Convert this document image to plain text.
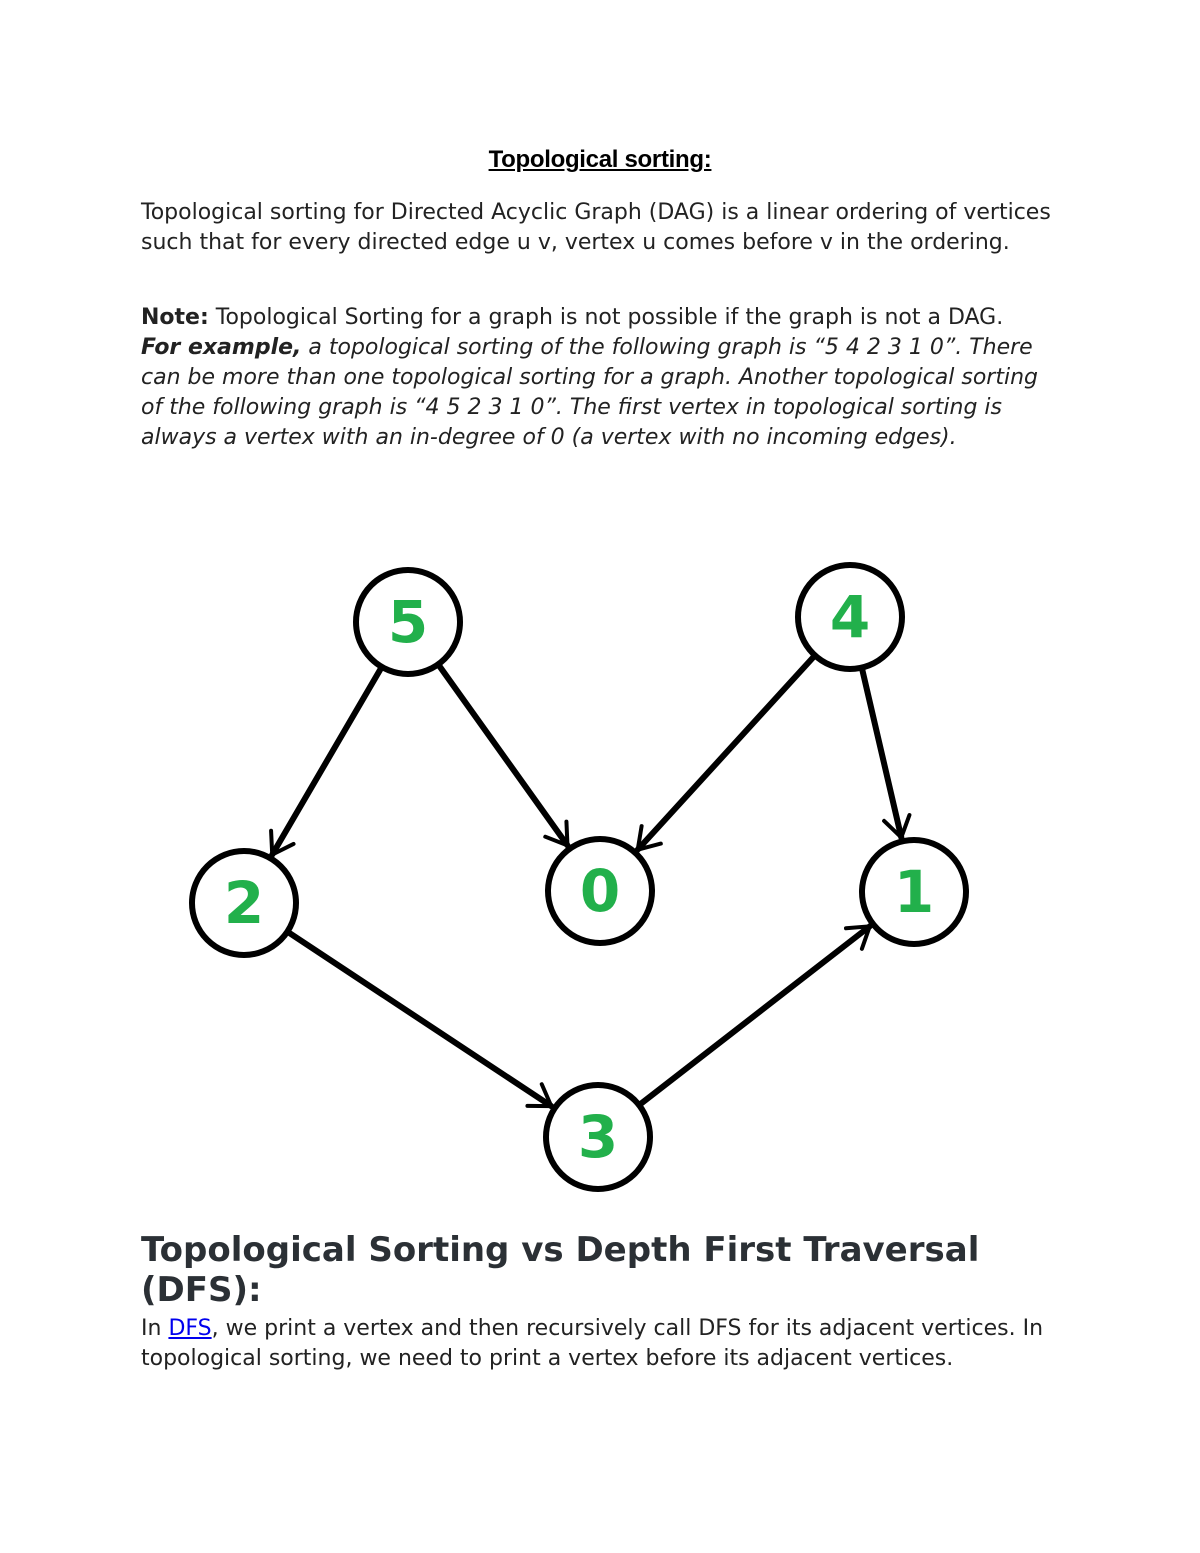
Topological sorting:

Topological sorting for Directed Acyclic Graph (DAG) is a linear ordering of vertices such that for every directed edge u v, vertex u comes before v in the ordering.

Note: Topological Sorting for a graph is not possible if the graph is not a DAG.
For example, a topological sorting of the following graph is “5 4 2 3 1 0”. There can be more than one topological sorting for a graph. Another topological sorting of the following graph is “4 5 2 3 1 0”. The first vertex in topological sorting is always a vertex with an in-degree of 0 (a vertex with no incoming edges).

5	4
2	0	1
3
Topological Sorting vs Depth First Traversal (DFS):

In DFS, we print a vertex and then recursively call DFS for its adjacent vertices. In topological sorting, we need to print a vertex before its adjacent vertices.
